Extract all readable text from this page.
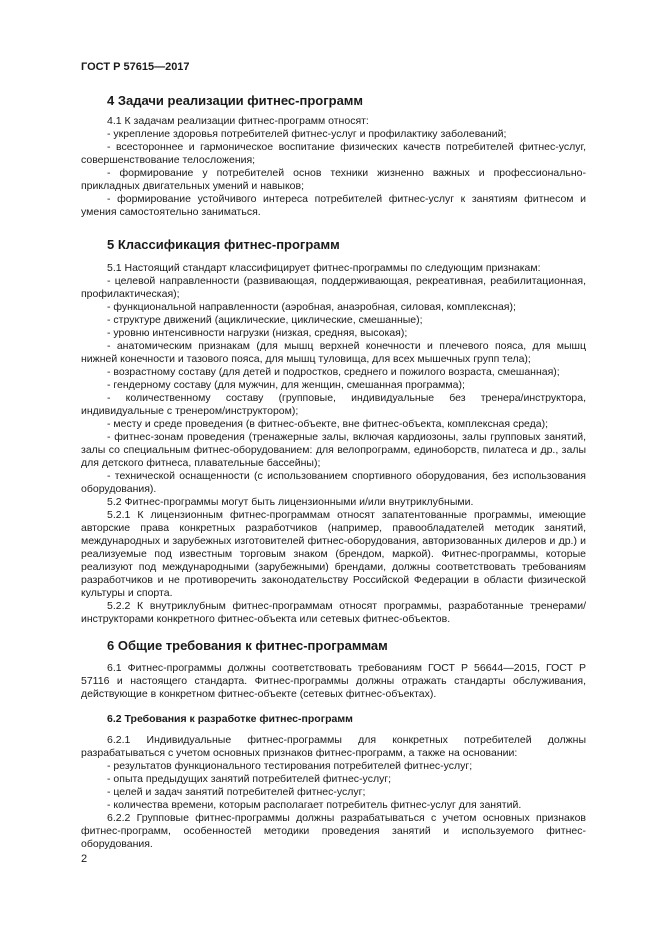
ГОСТ Р 57615—2017
4 Задачи реализации фитнес-программ

4.1 К задачам реализации фитнес-программ относят:

- укрепление здоровья потребителей фитнес-услуг и профилактику заболеваний;

- всестороннее и гармоническое воспитание физических качеств потребителей фитнес-услуг, совершенствование телосложения;

- формирование у потребителей основ техники жизненно важных и профессионально-прикладных двигательных умений и навыков;

- формирование устойчивого интереса потребителей фитнес-услуг к занятиям фитнесом и умения самостоятельно заниматься.

5 Классификация фитнес-программ

5.1 Настоящий стандарт классифицирует фитнес-программы по следующим признакам:

- целевой направленности (развивающая, поддерживающая, рекреативная, реабилитационная, профилактическая);

- функциональной направленности (аэробная, анаэробная, силовая, комплексная);

- структуре движений (ациклические, циклические, смешанные);

- уровню интенсивности нагрузки (низкая, средняя, высокая);

- анатомическим признакам (для мышц верхней конечности и плечевого пояса, для мышц нижней конечности и тазового пояса, для мышц туловища, для всех мышечных групп тела);

- возрастному составу (для детей и подростков, среднего и пожилого возраста, смешанная);

- гендерному составу (для мужчин, для женщин, смешанная программа);

- количественному составу (групповые, индивидуальные без тренера/инструктора, индивидуальные с тренером/инструктором);

- месту и среде проведения (в фитнес-объекте, вне фитнес-объекта, комплексная среда);

- фитнес-зонам проведения (тренажерные залы, включая кардиозоны, залы групповых занятий, залы со специальным фитнес-оборудованием: для велопрограмм, единоборств, пилатеса и др., залы для детского фитнеса, плавательные бассейны);

- технической оснащенности (с использованием спортивного оборудования, без использования оборудования).

5.2 Фитнес-программы могут быть лицензионными и/или внутриклубными.

5.2.1 К лицензионным фитнес-программам относят запатентованные программы, имеющие авторские права конкретных разработчиков (например, правообладателей методик занятий, международных и зарубежных изготовителей фитнес-оборудования, авторизованных дилеров и др.) и реализуемые под известным торговым знаком (брендом, маркой). Фитнес-программы, которые реализуют под международными (зарубежными) брендами, должны соответствовать требованиям разработчиков и не противоречить законодательству Российской Федерации в области физической культуры и спорта.

5.2.2 К внутриклубным фитнес-программам относят программы, разработанные тренерами/инструкторами конкретного фитнес-объекта или сетевых фитнес-объектов.

6 Общие требования к фитнес-программам

6.1 Фитнес-программы должны соответствовать требованиям ГОСТ Р 56644—2015, ГОСТ Р 57116 и настоящего стандарта. Фитнес-программы должны отражать стандарты обслуживания, действующие в конкретном фитнес-объекте (сетевых фитнес-объектах).

6.2 Требования к разработке фитнес-программ

6.2.1 Индивидуальные фитнес-программы для конкретных потребителей должны разрабатываться с учетом основных признаков фитнес-программ, а также на основании:

- результатов функционального тестирования потребителей фитнес-услуг;

- опыта предыдущих занятий потребителей фитнес-услуг;

- целей и задач занятий потребителей фитнес-услуг;

- количества времени, которым располагает потребитель фитнес-услуг для занятий.

6.2.2 Групповые фитнес-программы должны разрабатываться с учетом основных признаков фитнес-программ, особенностей методики проведения занятий и используемого фитнес-оборудования.

2
